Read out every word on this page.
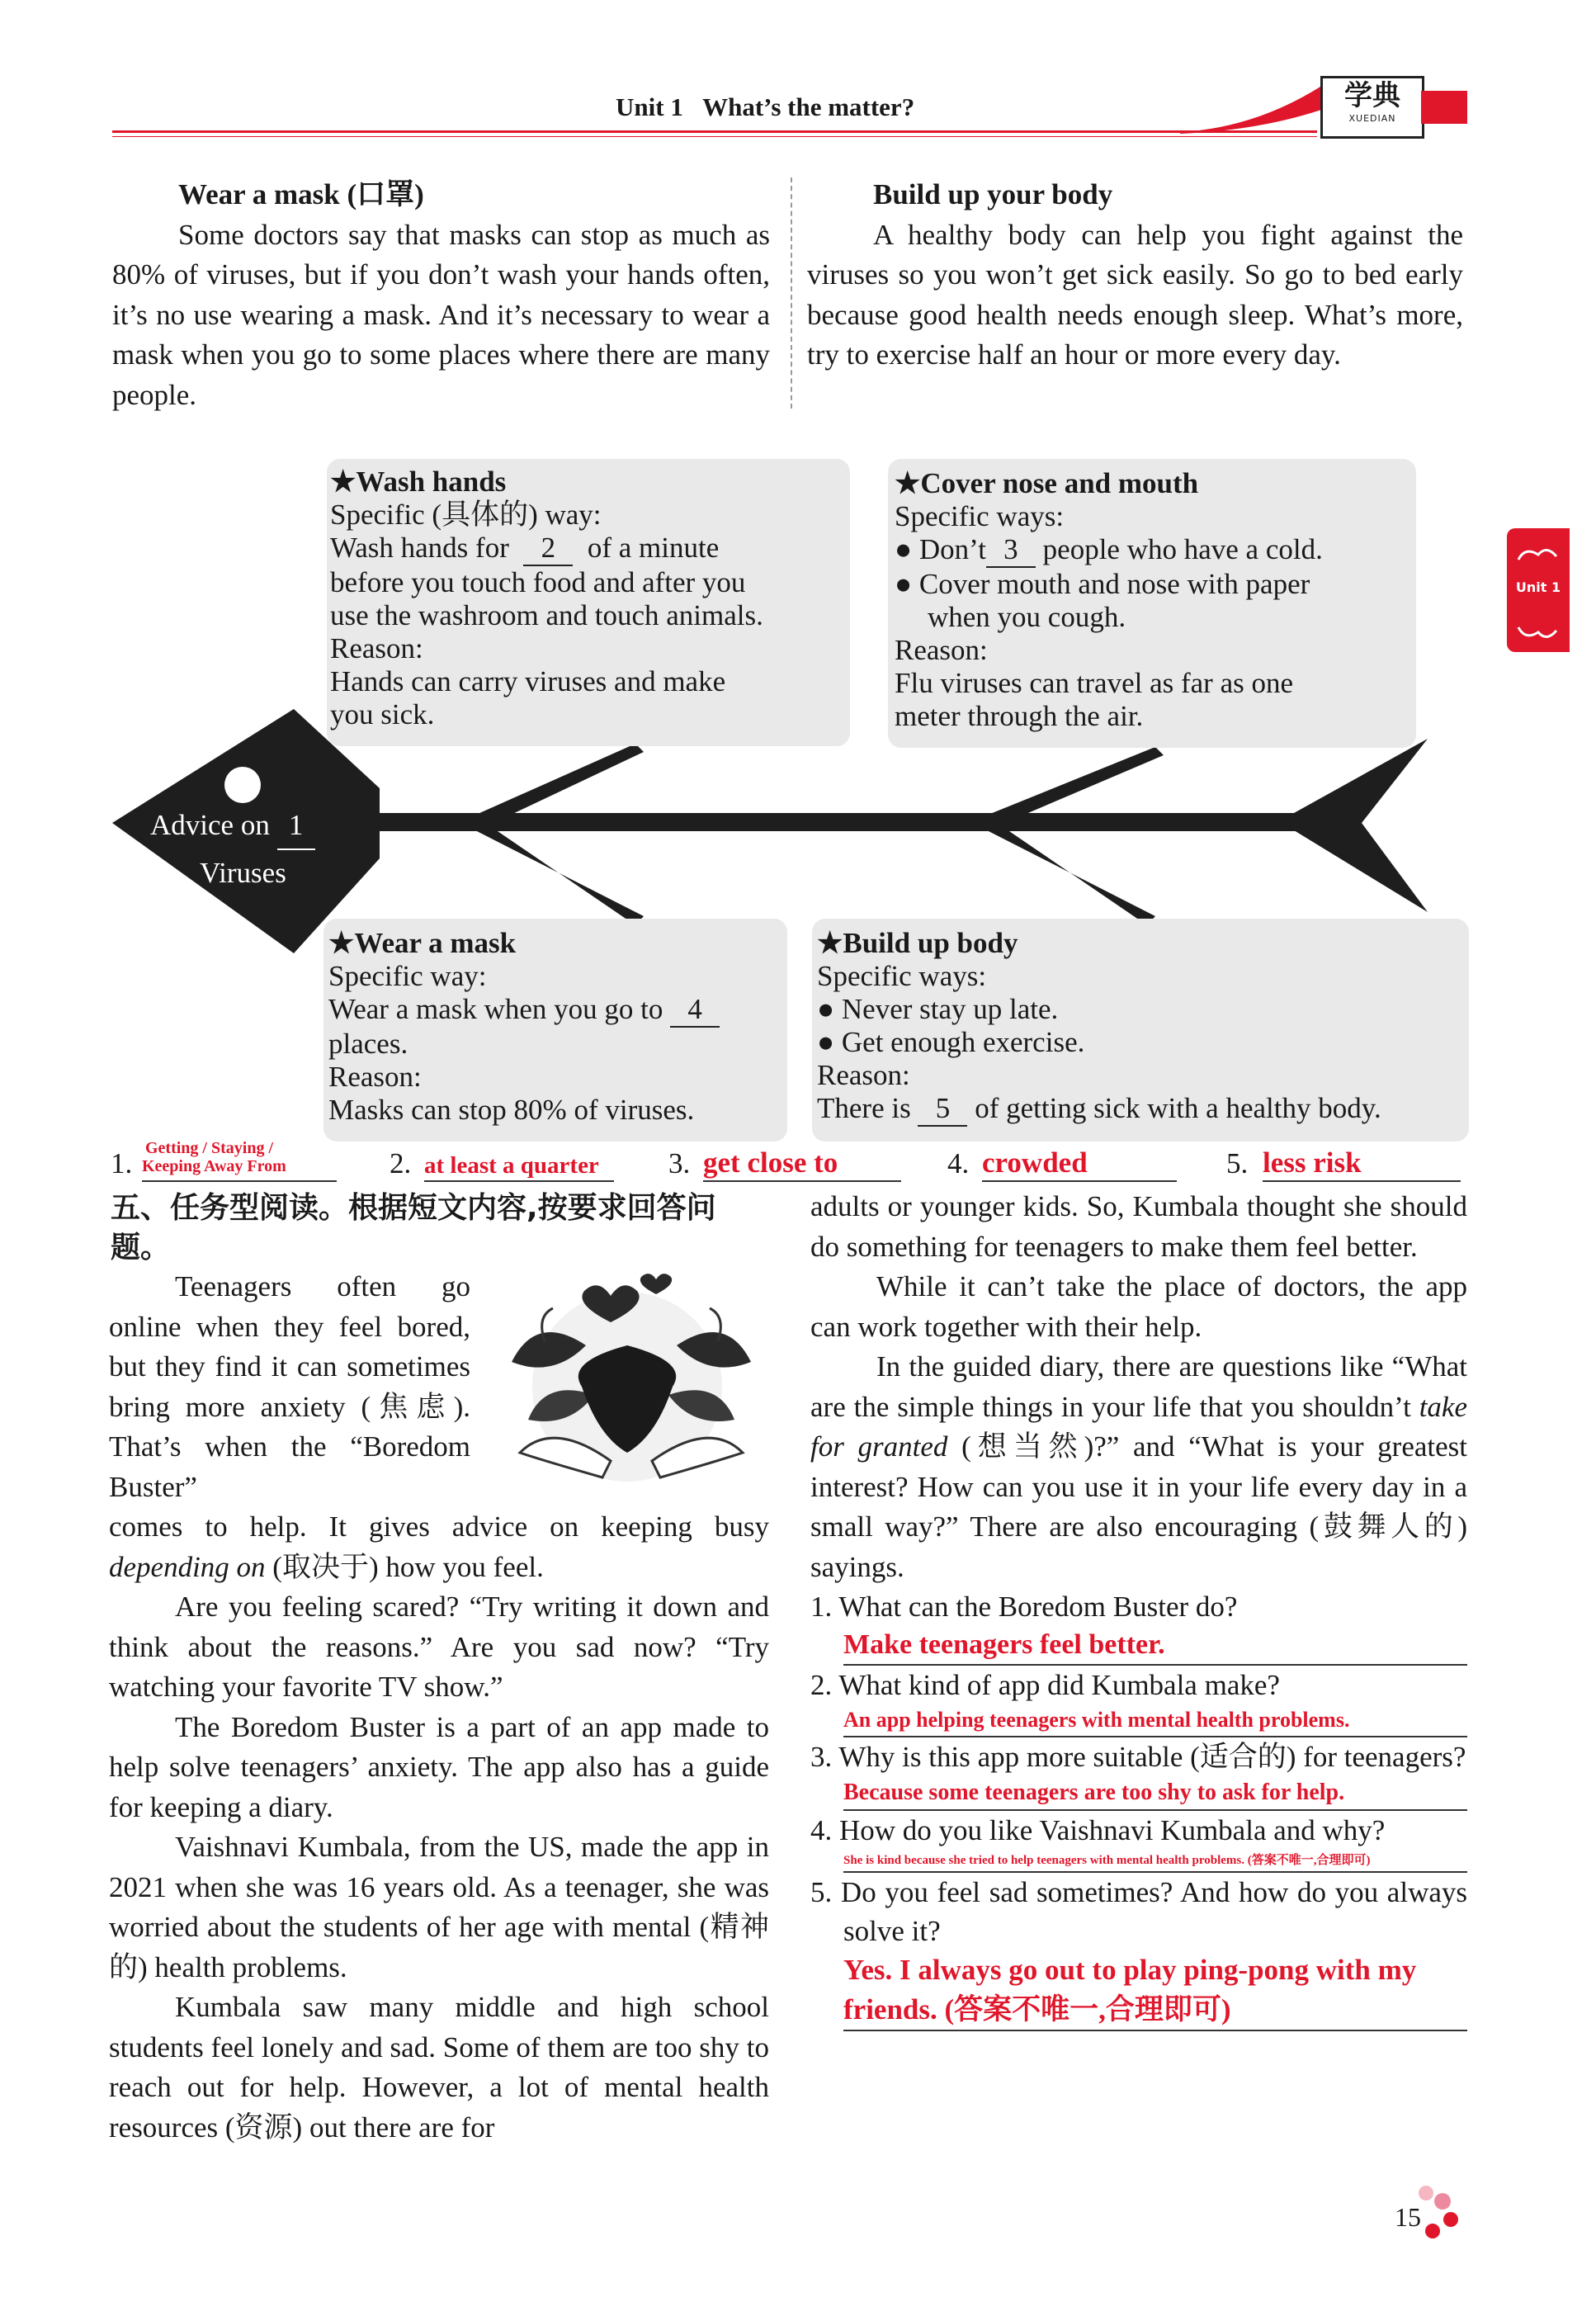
Unit 1 What’s the matter?	学典
XUEDIAN
Unit 1

Wear a mask (口罩)

Some doctors say that masks can stop as much as 80% of viruses, but if you don’t wash your hands often, it’s no use wearing a mask. And it’s necessary to wear a mask when you go to some places where there are many people.

Build up your body

A healthy body can help you fight against the viruses so you won’t get sick easily. So go to bed early because good health needs enough sleep. What’s more, try to exercise half an hour or more every day.

Advice on 1
Viruses

★Wash hands

Specific (具体的) way:

Wash hands for 2 of a minute

before you touch food and after you

use the washroom and touch animals.

Reason:

Hands can carry viruses and make

you sick.

★Cover nose and mouth

Specific ways:

● Don’t 3 people who have a cold.

● Cover mouth and nose with paper

when you cough.

Reason:

Flu viruses can travel as far as one

meter through the air.

★Wear a mask

Specific way:

Wear a mask when you go to 4

places.

Reason:

Masks can stop 80% of viruses.

★Build up body

Specific ways:

● Never stay up late.

● Get enough exercise.

Reason:

There is 5 of getting sick with a healthy body.

1. Getting / Staying /
Keeping Away From	2. at least a quarter	3. get close to	4. crowded	5. less risk
五、任务型阅读。根据短文内容,按要求回答问题。

Teenagers often go online when they feel bored, but they find it can sometimes bring more anxiety (焦虑). That’s when the “Boredom Buster”

comes to help. It gives advice on keeping busy depending on (取决于) how you feel.

Are you feeling scared? “Try writing it down and think about the reasons.” Are you sad now? “Try watching your favorite TV show.”

The Boredom Buster is a part of an app made to help solve teenagers’ anxiety. The app also has a guide for keeping a diary.

Vaishnavi Kumbala, from the US, made the app in 2021 when she was 16 years old. As a teenager, she was worried about the students of her age with mental (精神的) health problems.

Kumbala saw many middle and high school students feel lonely and sad. Some of them are too shy to reach out for help. However, a lot of mental health resources (资源) out there are for

adults or younger kids. So, Kumbala thought she should do something for teenagers to make them feel better.

While it can’t take the place of doctors, the app can work together with their help.

In the guided diary, there are questions like “What are the simple things in your life that you shouldn’t take for granted (想当然)?” and “What is your greatest interest? How can you use it in your life every day in a small way?” There are also encouraging (鼓舞人的) sayings.

1. What can the Boredom Buster do?

Make teenagers feel better.

2. What kind of app did Kumbala make?

An app helping teenagers with mental health problems.

3. Why is this app more suitable (适合的) for teenagers?

Because some teenagers are too shy to ask for help.

4. How do you like Vaishnavi Kumbala and why?

She is kind because she tried to help teenagers with mental health problems. (答案不唯一,合理即可)

5. Do you feel sad sometimes? And how do you always solve it?

Yes. I always go out to play ping-pong with my friends. (答案不唯一,合理即可)
15
